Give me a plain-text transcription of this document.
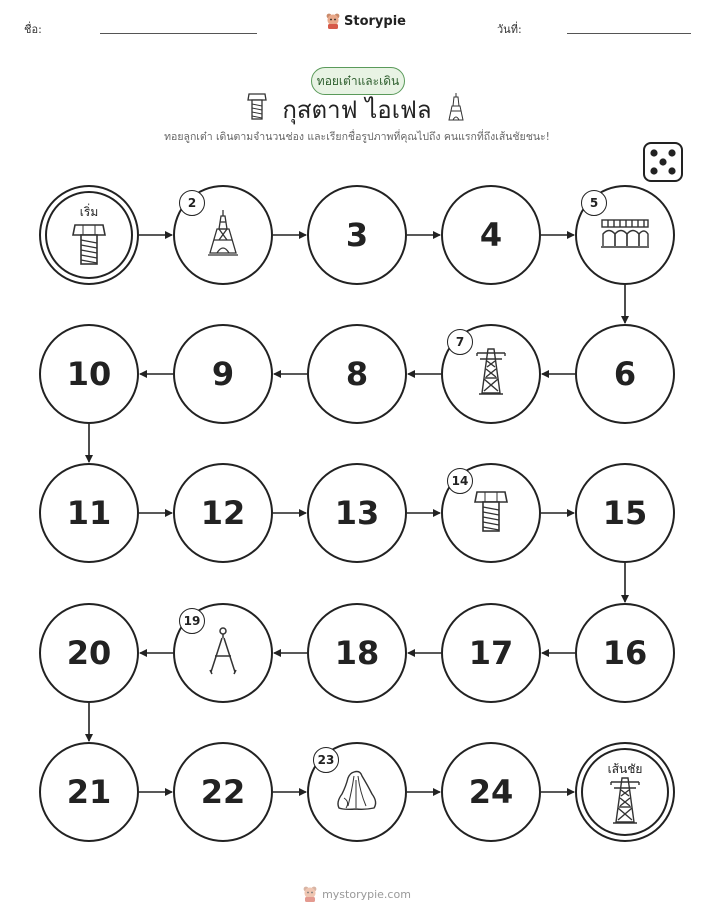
ชื่อ:
Storypie
วันที่:
ทอยเต๋าและเดิน
กุสตาฟ ไอเฟล
ทอยลูกเต๋า เดินตามจำนวนช่อง และเรียกชื่อรูปภาพที่คุณไปถึง คนแรกที่ถึงเส้นชัยชนะ!
เส้นชัย
24
22
21
20	18	17	16
15
13
12
11
10	9	8	6
4
3
เริ่ม
2	5
7
14
19
23
mystorypie.com
